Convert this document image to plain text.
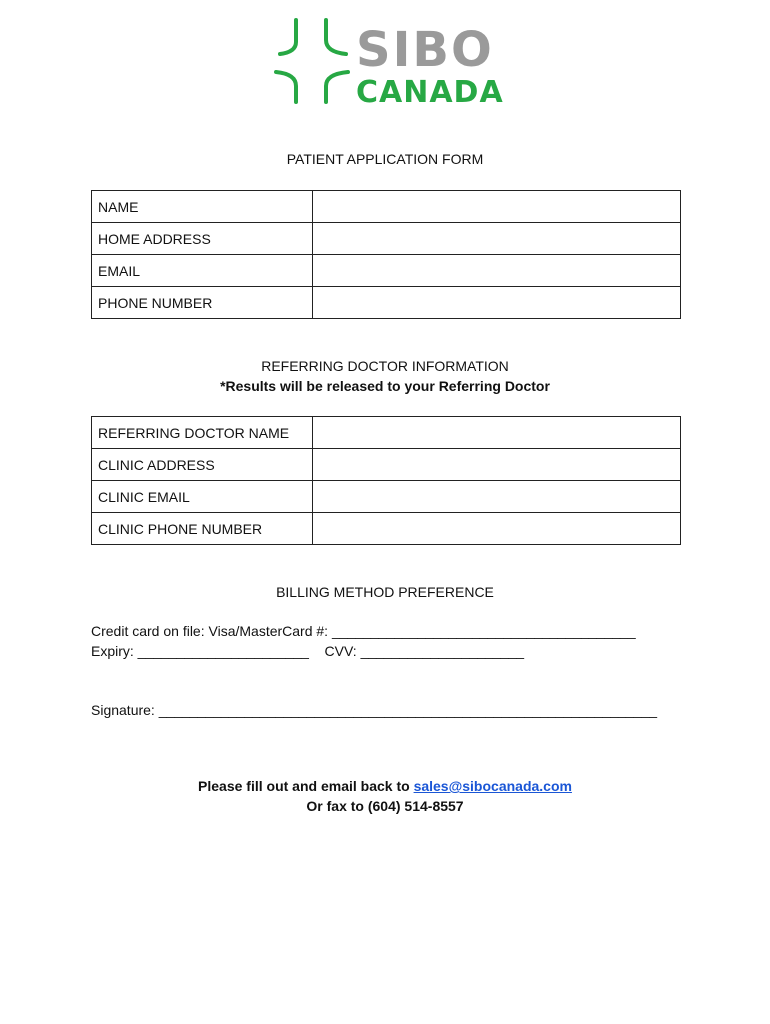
SIBO
CANADA
PATIENT APPLICATION FORM
NAME	
HOME ADDRESS	
EMAIL	
PHONE NUMBER	
REFERRING DOCTOR INFORMATION
*Results will be released to your Referring Doctor
REFERRING DOCTOR NAME	
CLINIC ADDRESS	
CLINIC EMAIL	
CLINIC PHONE NUMBER	
BILLING METHOD PREFERENCE
Credit card on file: Visa/MasterCard #: _______________________________________
Expiry: ______________________    CVV: _____________________
Signature: ________________________________________________________________
Please fill out and email back to sales@sibocanada.com
Or fax to (604) 514-8557
